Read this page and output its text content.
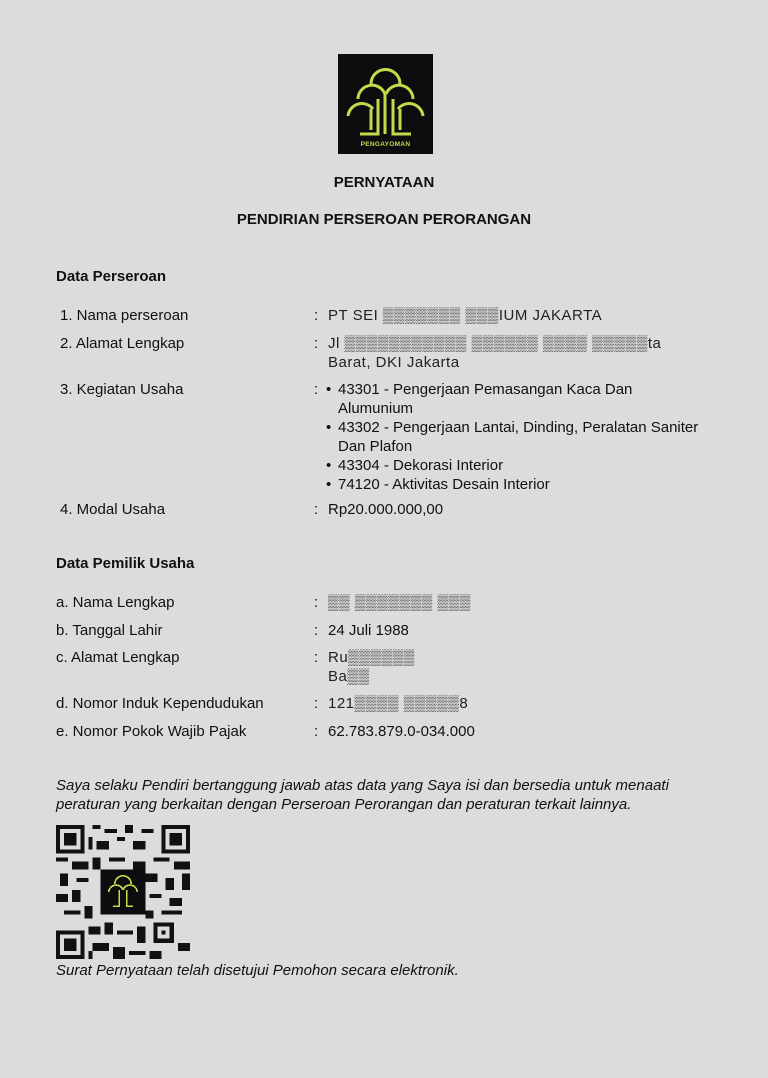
PENGAYOMAN
PERNYATAAN
PENDIRIAN PERSEROAN PERORANGAN
Data Perseroan
1. Nama perseroan	: PT SEI ▒▒▒▒▒▒▒ ▒▒▒IUM JAKARTA
2. Alamat Lengkap	: Jl ▒▒▒▒▒▒▒▒▒▒▒ ▒▒▒▒▒▒ ▒▒▒▒ ▒▒▒▒▒ta Barat, DKI Jakarta
3. Kegiatan Usaha	: • 43301 - Pengerjaan Pemasangan Kaca Dan Alumunium
• 43302 - Pengerjaan Lantai, Dinding, Peralatan Saniter Dan Plafon
• 43304 - Dekorasi Interior
• 74120 - Aktivitas Desain Interior
4. Modal Usaha	: Rp20.000.000,00
Data Pemilik Usaha
a. Nama Lengkap	: ▒▒ ▒▒▒▒▒▒▒ ▒▒▒
b. Tanggal Lahir	: 24 Juli 1988
c. Alamat Lengkap	: Ru▒▒▒▒▒▒
Ba▒▒
d. Nomor Induk Kependudukan	: 121▒▒▒▒ ▒▒▒▒▒8
e. Nomor Pokok Wajib Pajak	: 62.783.879.0-034.000
Saya selaku Pendiri bertanggung jawab atas data yang Saya isi dan bersedia untuk menaati peraturan yang berkaitan dengan Perseroan Perorangan dan peraturan terkait lainnya.
Surat Pernyataan telah disetujui Pemohon secara elektronik.
